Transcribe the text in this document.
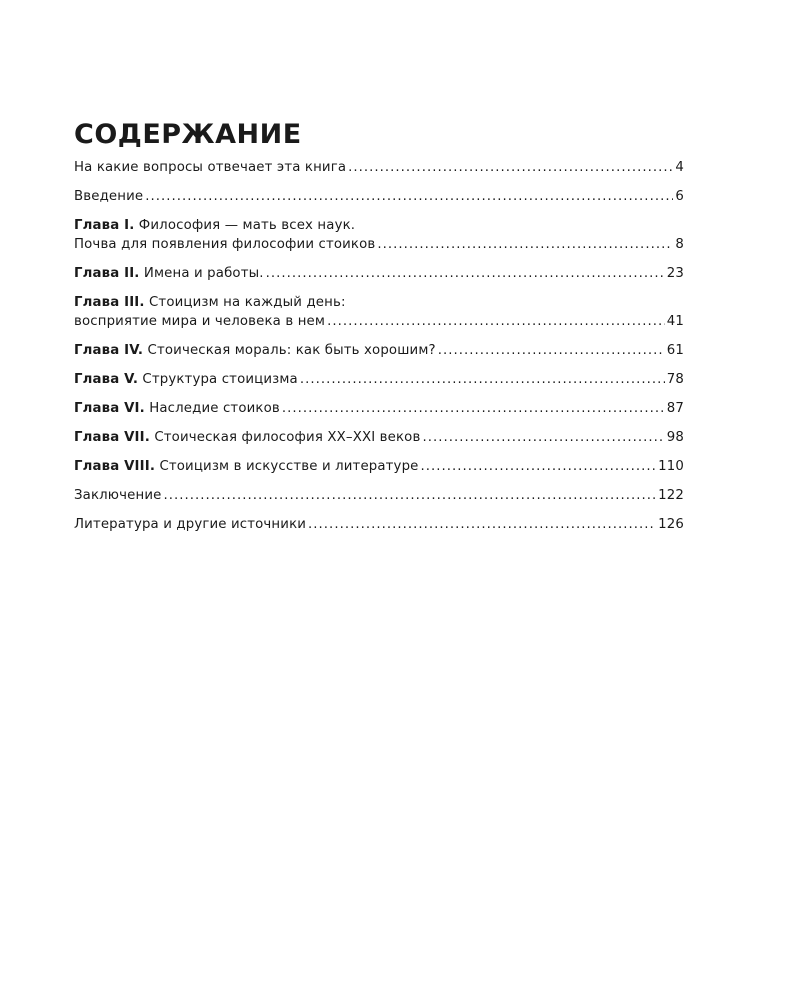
СОДЕРЖАНИЕ
На какие вопросы отвечает эта книга . . .	4
Введение . . .	6
Глава I. Философия — мать всех наук.
Почва для появления философии стоиков . . .	8
Глава II. Имена и работы. . . .	23
Глава III. Стоицизм на каждый день:
восприятие мира и человека в нем . . .	41
Глава IV. Стоическая мораль: как быть хорошим? . . .	61
Глава V. Структура стоицизма . . .	78
Глава VI. Наследие стоиков . . .	87
Глава VII. Стоическая философия XX–XXI веков . . .	98
Глава VIII. Стоицизм в искусстве и литературе . . .	110
Заключение . . .	122
Литература и другие источники . . .	126
